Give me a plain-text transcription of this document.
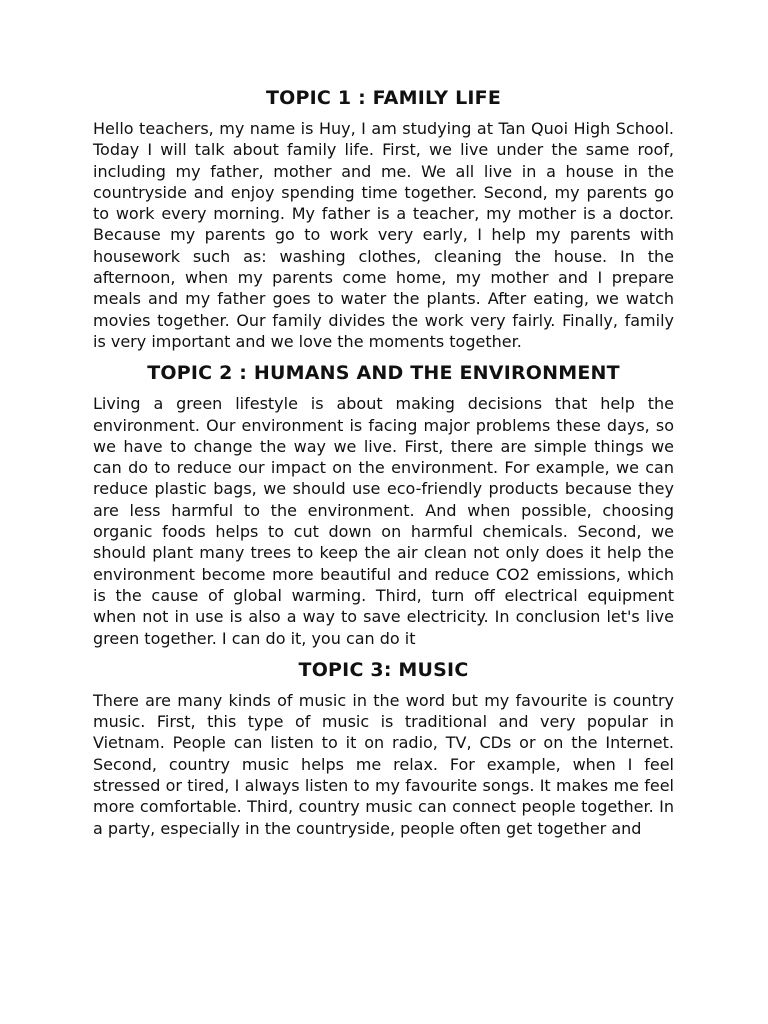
TOPIC 1 : FAMILY LIFE

Hello teachers, my name is Huy, I am studying at Tan Quoi High School. Today I will talk about family life. First, we live under the same roof, including my father, mother and me. We all live in a house in the countryside and enjoy spending time together. Second, my parents go to work every morning. My father is a teacher, my mother is a doctor. Because my parents go to work very early, I help my parents with housework such as: washing clothes, cleaning the house. In the afternoon, when my parents come home, my mother and I prepare meals and my father goes to water the plants. After eating, we watch movies together. Our family divides the work very fairly. Finally, family is very important and we love the moments together.

TOPIC 2 : HUMANS AND THE ENVIRONMENT

Living a green lifestyle is about making decisions that help the environment. Our environment is facing major problems these days, so we have to change the way we live. First, there are simple things we can do to reduce our impact on the environment. For example, we can reduce plastic bags, we should use eco-friendly products because they are less harmful to the environment. And when possible, choosing organic foods helps to cut down on harmful chemicals. Second, we should plant many trees to keep the air clean not only does it help the environment become more beautiful and reduce CO2 emissions, which is the cause of global warming. Third, turn off electrical equipment when not in use is also a way to save electricity. In conclusion let's live green together. I can do it, you can do it

TOPIC 3: MUSIC

There are many kinds of music in the word but my favourite is country music. First, this type of music is traditional and very popular in Vietnam. People can listen to it on radio, TV, CDs or on the Internet. Second, country music helps me relax. For example, when I feel stressed or tired, I always listen to my favourite songs. It makes me feel more comfortable. Third, country music can connect people together. In a party, especially in the countryside, people often get together and
